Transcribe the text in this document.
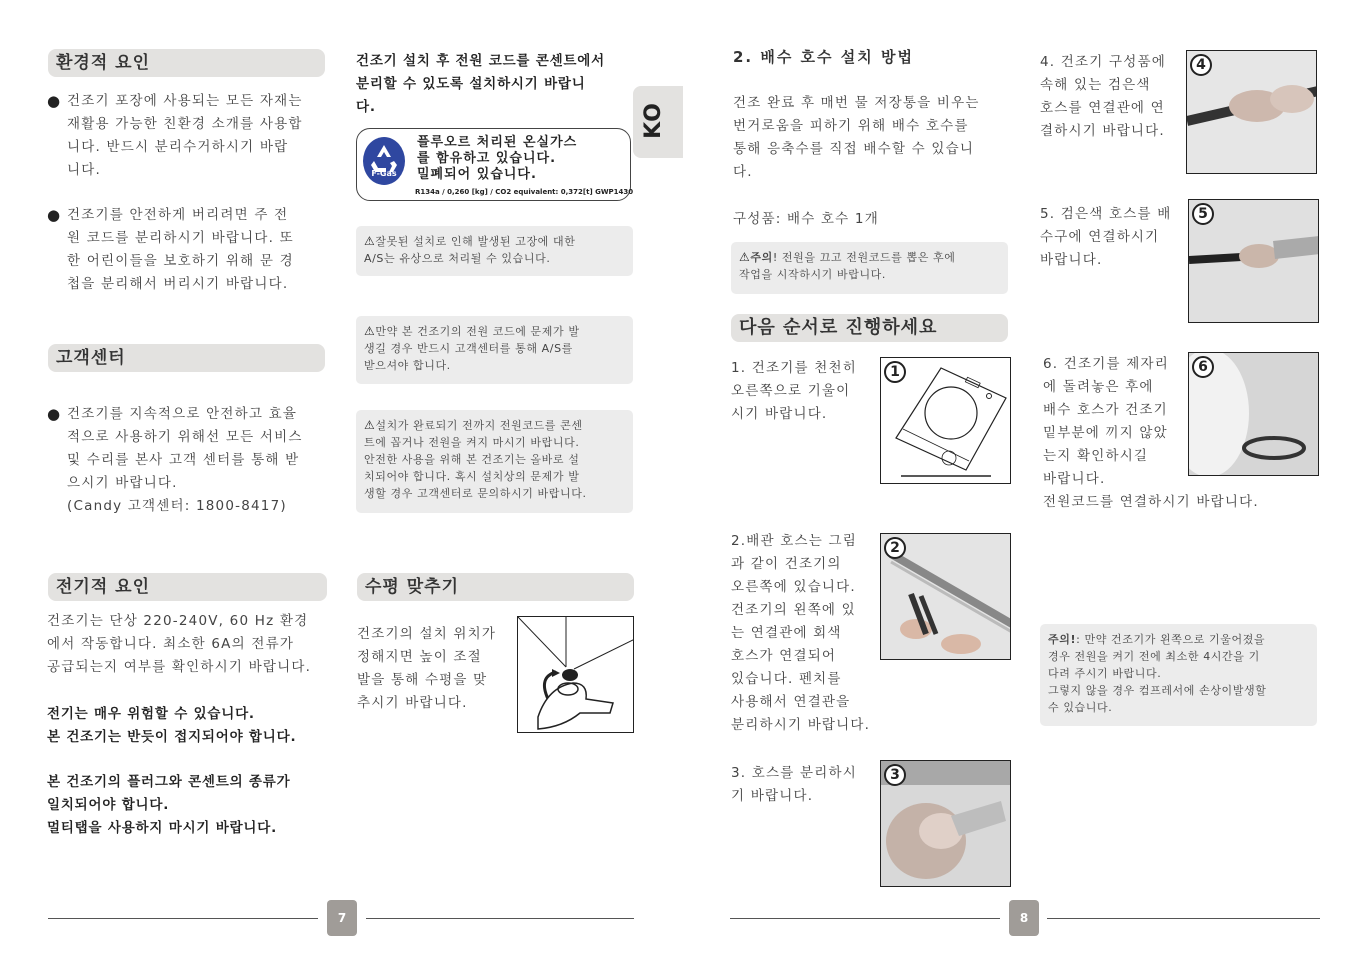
환경적 요인
● 건조기 포장에 사용되는 모든 자재는
재활용 가능한 친환경 소개를 사용합
니다. 반드시 분리수거하시기 바랍
니다.
● 건조기를 안전하게 버리려면 주 전
원 코드를 분리하시기 바랍니다. 또
한 어린이들을 보호하기 위해 문 경
첩을 분리해서 버리시기 바랍니다.
고객센터
● 건조기를 지속적으로 안전하고 효율
적으로 사용하기 위해선 모든 서비스
및 수리를 본사 고객 센터를 통해 받
으시기 바랍니다.
(Candy 고객센터: 1800-8417)
전기적 요인
건조기는 단상 220-240V, 60 Hz 환경
에서 작동합니다. 최소한 6A의 전류가
공급되는지 여부를 확인하시기 바랍니다.
전기는 매우 위험할 수 있습니다.
본 건조기는 반듯이 접지되어야 합니다.
본 건조기의 플러그와 콘센트의 종류가
일치되어야 합니다.
멀티탭을 사용하지 마시기 바랍니다.
건조기 설치 후 전원 코드를 콘센트에서
분리할 수 있도록 설치하시기 바랍니
다.
F-Gas
플루오르 처리된 온실가스
를 함유하고 있습니다.
밀폐되어 있습니다.
R134a / 0,260 [kg] / CO2 equivalent: 0,372[t] GWP1430
KO
⚠잘못된 설치로 인해 발생된 고장에 대한
A/S는 유상으로 처리될 수 있습니다.
⚠만약 본 건조기의 전원 코드에 문제가 발
생길 경우 반드시 고객센터를 통해 A/S를
받으셔야 합니다.
⚠설치가 완료되기 전까지 전원코드를 콘센
트에 꼽거나 전원을 켜지 마시기 바랍니다.
안전한 사용을 위해 본 건조기는 올바로 설
치되어야 합니다. 혹시 설치상의 문제가 발
생할 경우 고객센터로 문의하시기 바랍니다.
수평 맞추기
건조기의 설치 위치가
정해지면 높이 조절
발을 통해 수평을 맞
추시기 바랍니다.
7
2. 배수 호수 설치 방법
건조 완료 후 매번 물 저장통을 비우는
번거로움을 피하기 위해 배수 호수를
통해 응축수를 직접 배수할 수 있습니
다.
구성품: 배수 호수 1개
⚠주의! 전원을 끄고 전원코드를 뽑은 후에
작업을 시작하시기 바랍니다.
다음 순서로 진행하세요
1. 건조기를 천천히
오른쪽으로 기울이
시기 바랍니다.
1
2.배관 호스는 그림
과 같이 건조기의
오른쪽에 있습니다.
건조기의 왼쪽에 있
는 연결관에 회색
호스가 연결되어
있습니다. 펜치를
사용해서 연결관을
분리하시기 바랍니다.
2
3. 호스를 분리하시
기 바랍니다.
3
4. 건조기 구성품에
속해 있는 검은색
호스를 연결관에 연
결하시기 바랍니다.
4
5. 검은색 호스를 배
수구에 연결하시기
바랍니다.
5
6. 건조기를 제자리
에 돌려놓은 후에
배수 호스가 건조기
밑부분에 끼지 않았
는지 확인하시길
바랍니다.
전원코드를 연결하시기 바랍니다.
6
주의!: 만약 건조기가 왼쪽으로 기울어졌을
경우 전원을 켜기 전에 최소한 4시간을 기
다려 주시기 바랍니다.
그렇지 않을 경우 컴프레서에 손상이발생할
수 있습니다.
8
